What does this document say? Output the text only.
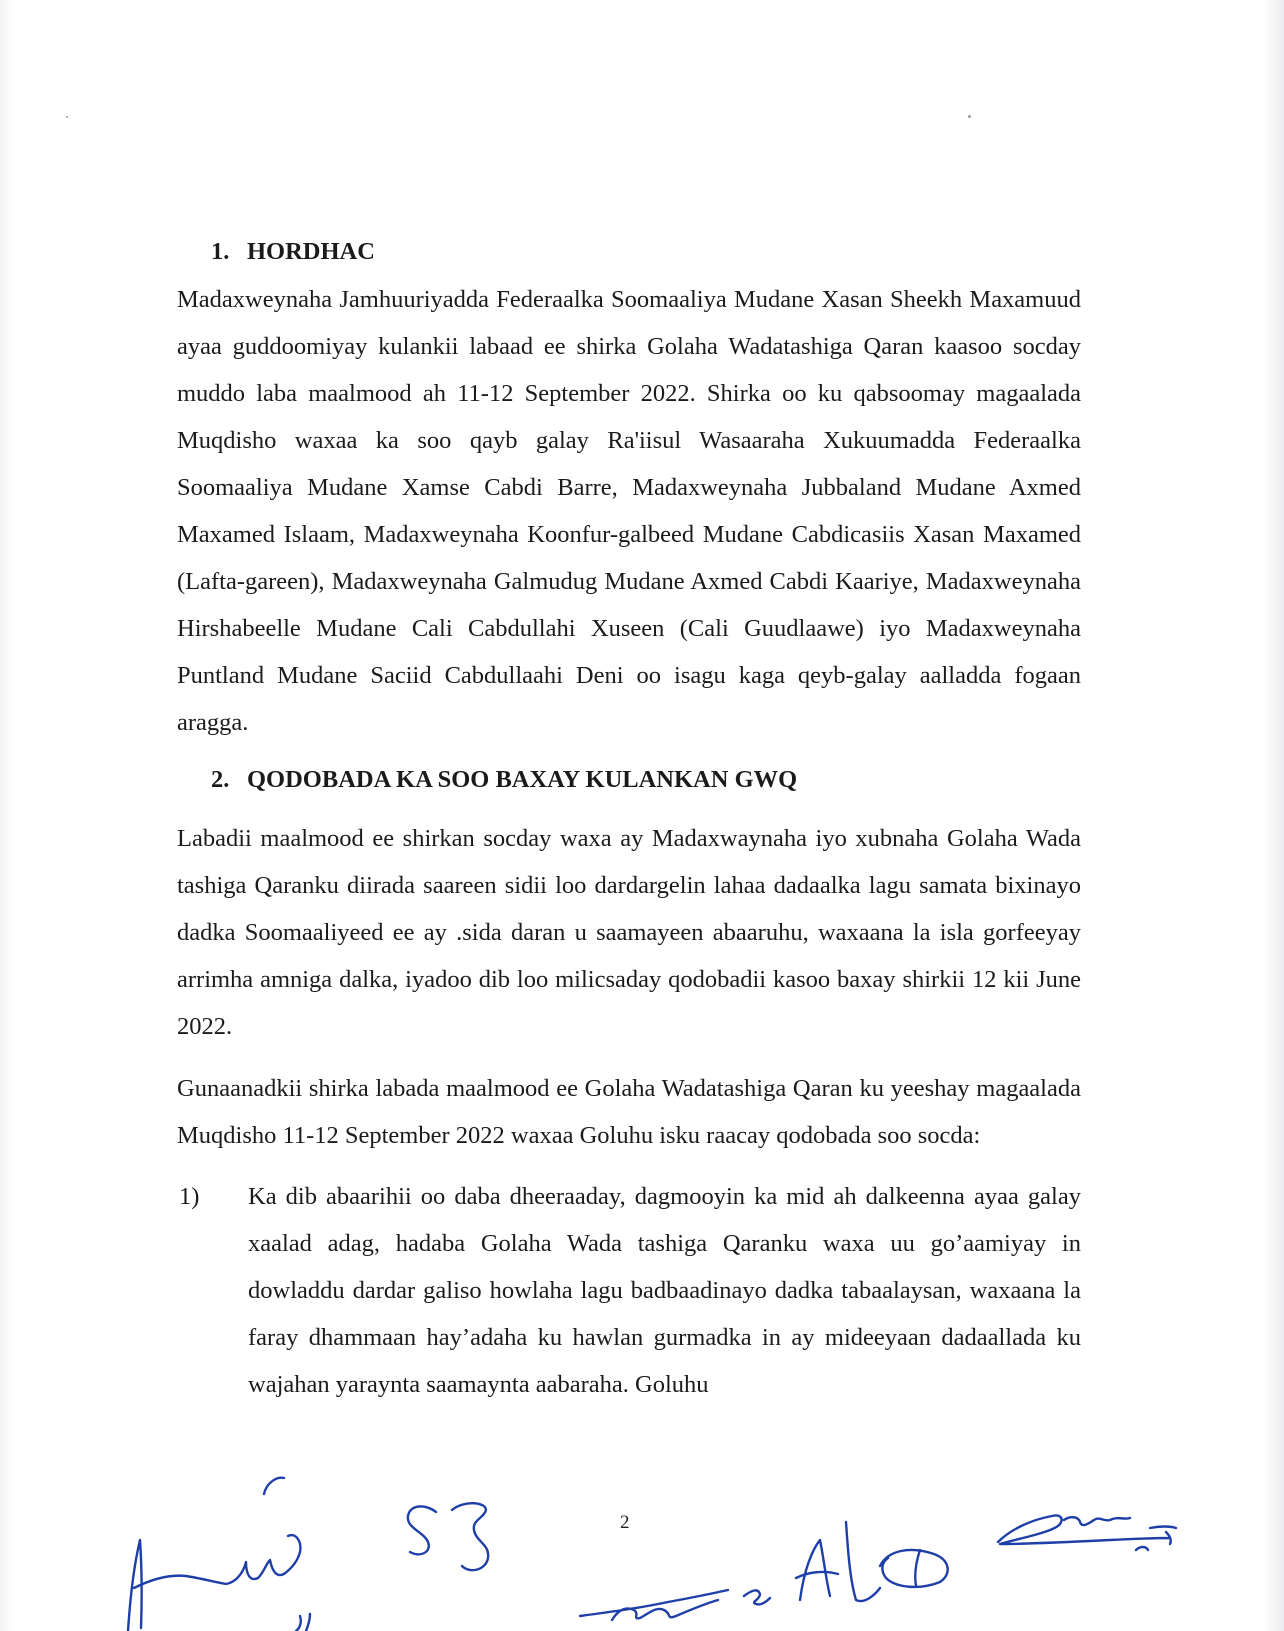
1. HORDHAC

Madaxweynaha Jamhuuriyadda Federaalka Soomaaliya Mudane Xasan Sheekh Maxamuud ayaa guddoomiyay kulankii labaad ee shirka Golaha Wadatashiga Qaran kaasoo socday muddo laba maalmood ah 11-12 September 2022. Shirka oo ku qabsoomay magaalada Muqdisho waxaa ka soo qayb galay Ra'iisul Wasaaraha Xukuumadda Federaalka Soomaaliya Mudane Xamse Cabdi Barre, Madaxweynaha Jubbaland Mudane Axmed Maxamed Islaam, Madaxweynaha Koonfur-galbeed Mudane Cabdicasiis Xasan Maxamed (Lafta-gareen), Madaxweynaha Galmudug Mudane Axmed Cabdi Kaariye, Madaxweynaha Hirshabeelle Mudane Cali Cabdullahi Xuseen (Cali Guudlaawe) iyo Madaxweynaha Puntland Mudane Saciid Cabdullaahi Deni oo isagu kaga qeyb-galay aalladda fogaan aragga.

2. QODOBADA KA SOO BAXAY KULANKAN GWQ

Labadii maalmood ee shirkan socday waxa ay Madaxwaynaha iyo xubnaha Golaha Wada tashiga Qaranku diirada saareen sidii loo dardargelin lahaa dadaalka lagu samata bixinayo dadka Soomaaliyeed ee ay .sida daran u saamayeen abaaruhu, waxaana la isla gorfeeyay arrimha amniga dalka, iyadoo dib loo milicsaday qodobadii kasoo baxay shirkii 12 kii June 2022.

Gunaanadkii shirka labada maalmood ee Golaha Wadatashiga Qaran ku yeeshay magaalada Muqdisho 11-12 September 2022 waxaa Goluhu isku raacay qodobada soo socda:

1) Ka dib abaarihii oo daba dheeraaday, dagmooyin ka mid ah dalkeenna ayaa galay xaalad adag, hadaba Golaha Wada tashiga Qaranku waxa uu go’aamiyay in dowladdu dardar galiso howlaha lagu badbaadinayo dadka tabaalaysan, waxaana la faray dhammaan hay’adaha ku hawlan gurmadka in ay mideeyaan dadaallada ku wajahan yaraynta saamaynta aabaraha. Goluhu

2
